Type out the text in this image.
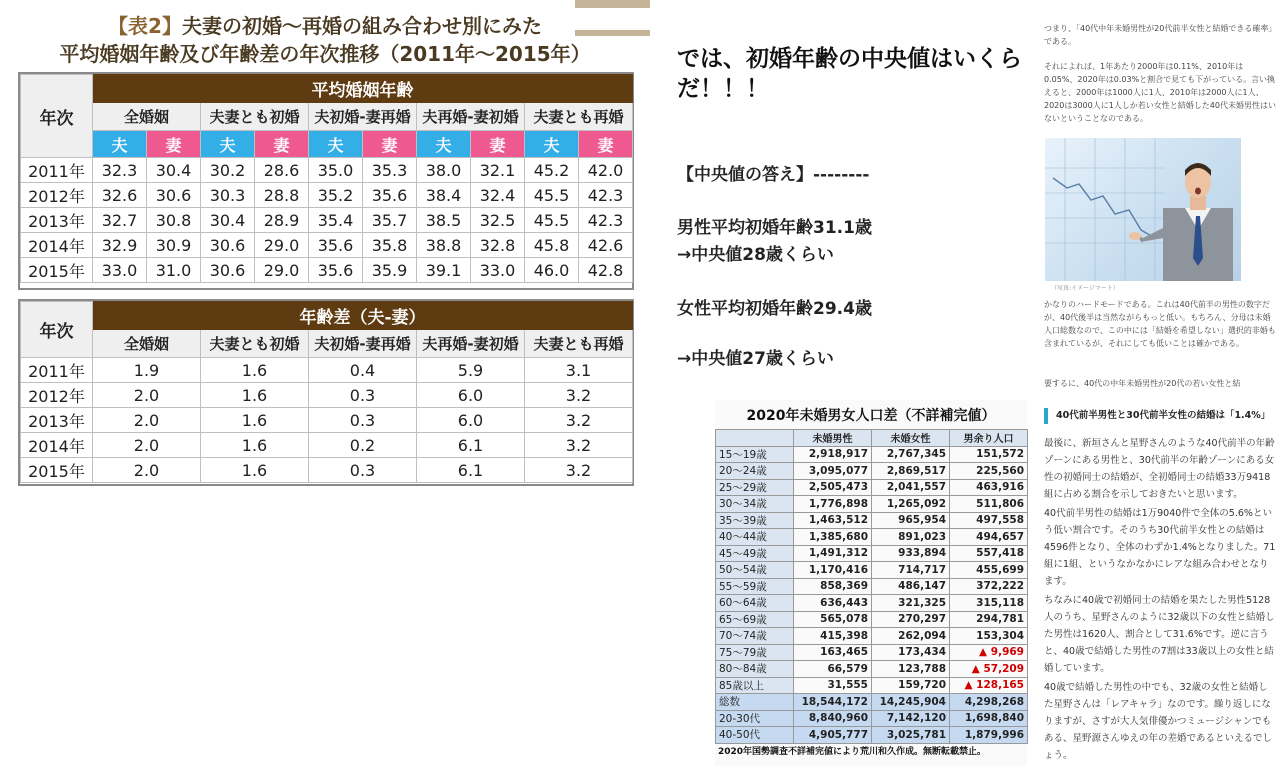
【表2】夫妻の初婚〜再婚の組み合わせ別にみた
平均婚姻年齢及び年齢差の年次推移（2011年〜2015年）
年次	平均婚姻年齢									
	全婚姻		夫妻とも初婚		夫初婚-妻再婚		夫再婚-妻初婚		夫妻とも再婚	
	夫	妻	夫	妻	夫	妻	夫	妻	夫	妻
2011年	32.3	30.4	30.2	28.6	35.0	35.3	38.0	32.1	45.2	42.0
2012年	32.6	30.6	30.3	28.8	35.2	35.6	38.4	32.4	45.5	42.3
2013年	32.7	30.8	30.4	28.9	35.4	35.7	38.5	32.5	45.5	42.3
2014年	32.9	30.9	30.6	29.0	35.6	35.8	38.8	32.8	45.8	42.6
2015年	33.0	31.0	30.6	29.0	35.6	35.9	39.1	33.0	46.0	42.8
年次	年齢差（夫-妻）				
	全婚姻	夫妻とも初婚	夫初婚-妻再婚	夫再婚-妻初婚	夫妻とも再婚
2011年	1.9	1.6	0.4	5.9	3.1
2012年	2.0	1.6	0.3	6.0	3.2
2013年	2.0	1.6	0.3	6.0	3.2
2014年	2.0	1.6	0.2	6.1	3.2
2015年	2.0	1.6	0.3	6.1	3.2
では、初婚年齢の中央値はいくらだ！！！
【中央値の答え】--------
男性平均初婚年齢31.1歳
→中央値28歳くらい
女性平均初婚年齢29.4歳
→中央値27歳くらい
2020年未婚男女人口差（不詳補完値）
	未婚男性	未婚女性	男余り人口
15〜19歳	2,918,917	2,767,345	151,572
20〜24歳	3,095,077	2,869,517	225,560
25〜29歳	2,505,473	2,041,557	463,916
30〜34歳	1,776,898	1,265,092	511,806
35〜39歳	1,463,512	965,954	497,558
40〜44歳	1,385,680	891,023	494,657
45〜49歳	1,491,312	933,894	557,418
50〜54歳	1,170,416	714,717	455,699
55〜59歳	858,369	486,147	372,222
60〜64歳	636,443	321,325	315,118
65〜69歳	565,078	270,297	294,781
70〜74歳	415,398	262,094	153,304
75〜79歳	163,465	173,434	▲ 9,969
80〜84歳	66,579	123,788	▲ 57,209
85歳以上	31,555	159,720	▲ 128,165
総数	18,544,172	14,245,904	4,298,268
20-30代	8,840,960	7,142,120	1,698,840
40-50代	4,905,777	3,025,781	1,879,996
2020年国勢調査不詳補完値により荒川和久作成。無断転載禁止。
つまり、「40代中年未婚男性が20代前半女性と結婚できる確率」である。
それによれば、1年あたり2000年は0.11%、2010年は0.05%、2020年は0.03%と割合で見ても下がっている。言い換えると、2000年は1000人に1人、2010年は2000人に1人、2020は3000人に1人しか若い女性と結婚した40代未婚男性はいないということなのである。
（写真:イメージマート）
かなりのハードモードである。これは40代前半の男性の数字だが、40代後半は当然ながらもっと低い。もちろん、分母は未婚人口総数なので、この中には「結婚を希望しない」選択的非婚も含まれているが、それにしても低いことは確かである。
要するに、40代の中年未婚男性が20代の若い女性と結
40代前半男性と30代前半女性の結婚は「1.4%」
最後に、新垣さんと星野さんのような40代前半の年齢ゾーンにある男性と、30代前半の年齢ゾーンにある女性の初婚同士の結婚が、全初婚同士の結婚33万9418組に占める割合を示しておきたいと思います。
40代前半男性の結婚は1万9040件で全体の5.6%という低い割合です。そのうち30代前半女性との結婚は4596件となり、全体のわずか1.4%となりました。71組に1組、というなかなかにレアな組み合わせとなります。
ちなみに40歳で初婚同士の結婚を果たした男性5128人のうち、星野さんのように32歳以下の女性と結婚した男性は1620人、割合として31.6%です。逆に言うと、40歳で結婚した男性の7割は33歳以上の女性と結婚しています。
40歳で結婚した男性の中でも、32歳の女性と結婚した星野さんは「レアキャラ」なのです。繰り返しになりますが、さすが大人気俳優かつミュージシャンでもある、星野源さんゆえの年の差婚であるといえるでしょう。
